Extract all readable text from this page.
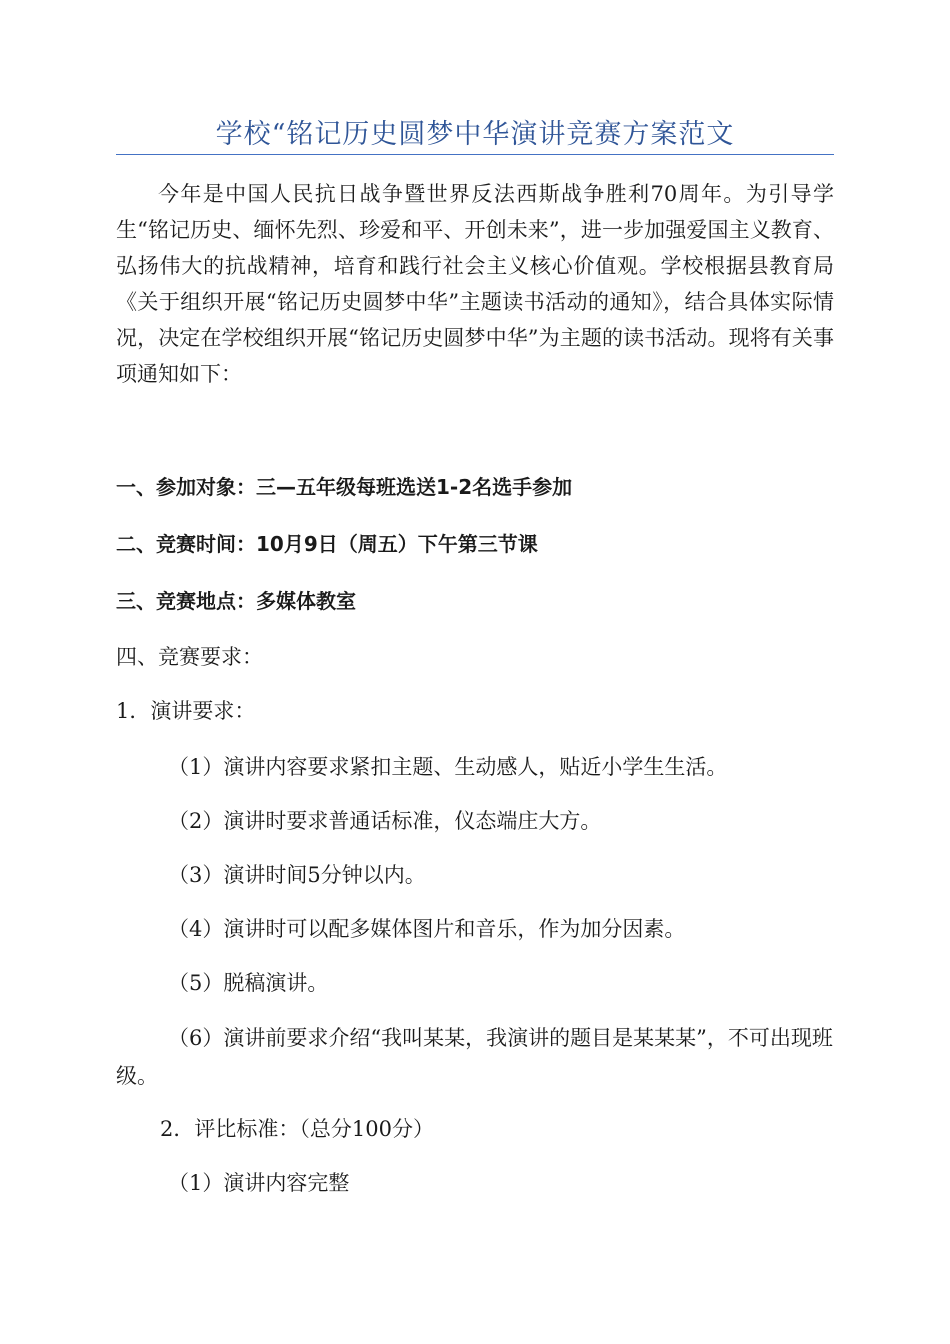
学校“铭记历史圆梦中华演讲竞赛方案范文

今年是中国人民抗日战争暨世界反法西斯战争胜利70周年。为引导学生“铭记历史、缅怀先烈、珍爱和平、开创未来”，进一步加强爱国主义教育、弘扬伟大的抗战精神，培育和践行社会主义核心价值观。学校根据县教育局《关于组织开展“铭记历史圆梦中华”主题读书活动的通知》，结合具体实际情况，决定在学校组织开展“铭记历史圆梦中华”为主题的读书活动。现将有关事项通知如下：

一、参加对象：三—五年级每班选送1-2名选手参加

二、竞赛时间：10月9日（周五）下午第三节课

三、竞赛地点：多媒体教室

四、竞赛要求：

1．演讲要求：

（1）演讲内容要求紧扣主题、生动感人，贴近小学生生活。

（2）演讲时要求普通话标准，仪态端庄大方。

（3）演讲时间5分钟以内。

（4）演讲时可以配多媒体图片和音乐，作为加分因素。

（5）脱稿演讲。

（6）演讲前要求介绍“我叫某某，我演讲的题目是某某某”，不可出现班级。

2．评比标准：（总分100分）

（1）演讲内容完整
